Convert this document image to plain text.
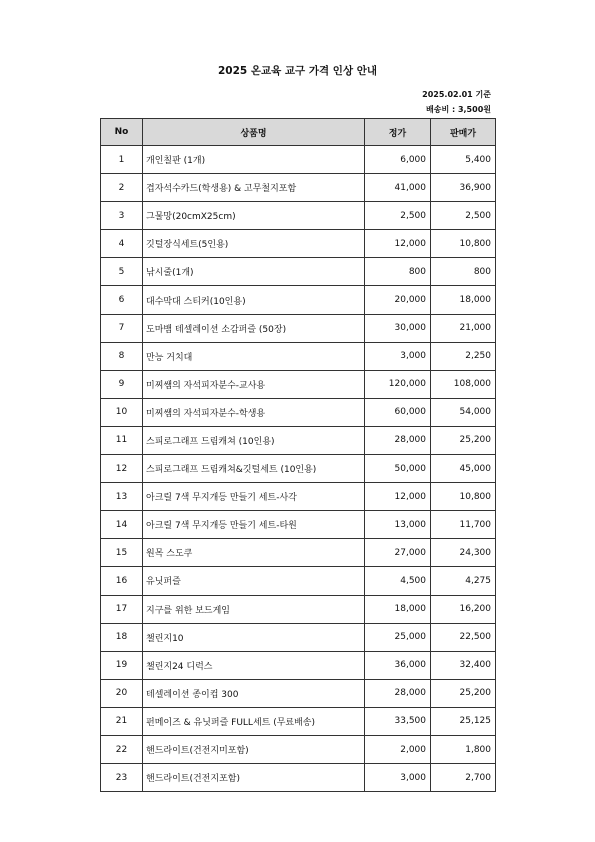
2025 온교육 교구 가격 인상 안내
2025.02.01 기준
배송비 : 3,500원
No	상품명	정가	판매가
1	개인칠판 (1개)	6,000	5,400
2	겹자석수카드(학생용) & 고무철지포함	41,000	36,900
3	그물망(20cmX25cm)	2,500	2,500
4	깃털장식세트(5인용)	12,000	10,800
5	낚시줄(1개)	800	800
6	대수막대 스티커(10인용)	20,000	18,000
7	도마뱀 테셀레이션 소감퍼즐 (50장)	30,000	21,000
8	만능 거치대	3,000	2,250
9	미찌쌤의 자석피자분수-교사용	120,000	108,000
10	미찌쌤의 자석피자분수-학생용	60,000	54,000
11	스피로그래프 드림캐쳐 (10인용)	28,000	25,200
12	스피로그래프 드림캐쳐&깃털세트 (10인용)	50,000	45,000
13	아크릴 7색 무지개등 만들기 세트-사각	12,000	10,800
14	아크릴 7색 무지개등 만들기 세트-타원	13,000	11,700
15	원목 스도쿠	27,000	24,300
16	유닛퍼즐	4,500	4,275
17	지구를 위한 보드게임	18,000	16,200
18	챌린지10	25,000	22,500
19	챌린지24 디럭스	36,000	32,400
20	테셀레이션 종이컵 300	28,000	25,200
21	펀메이즈 & 유닛퍼즐 FULL세트 (무료배송)	33,500	25,125
22	핸드라이트(건전지미포함)	2,000	1,800
23	핸드라이트(건전지포함)	3,000	2,700
